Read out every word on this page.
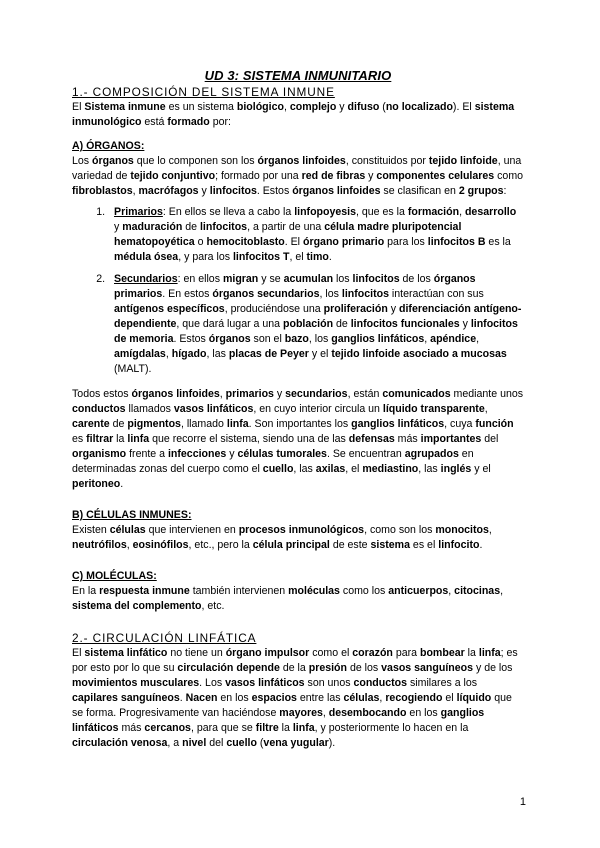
UD 3: SISTEMA INMUNITARIO

1.- COMPOSICIÓN DEL SISTEMA INMUNE

El Sistema inmune es un sistema biológico, complejo y difuso (no localizado). El sistema inmunológico está formado por:

A) ÓRGANOS:

Los órganos que lo componen son los órganos linfoides, constituidos por tejido linfoide, una variedad de tejido conjuntivo; formado por una red de fibras y componentes celulares como fibroblastos, macrófagos y linfocitos. Estos órganos linfoides se clasifican en 2 grupos:

1. Primarios: En ellos se lleva a cabo la linfopoyesis, que es la formación, desarrollo y maduración de linfocitos, a partir de una célula madre pluripotencial hematopoyética o hemocitoblasto. El órgano primario para los linfocitos B es la médula ósea, y para los linfocitos T, el timo.
2. Secundarios: en ellos migran y se acumulan los linfocitos de los órganos primarios. En estos órganos secundarios, los linfocitos interactúan con sus antígenos específicos, produciéndose una proliferación y diferenciación antígeno-dependiente, que dará lugar a una población de linfocitos funcionales y linfocitos de memoria. Estos órganos son el bazo, los ganglios linfáticos, apéndice, amígdalas, hígado, las placas de Peyer y el tejido linfoide asociado a mucosas (MALT).

Todos estos órganos linfoides, primarios y secundarios, están comunicados mediante unos conductos llamados vasos linfáticos, en cuyo interior circula un líquido transparente, carente de pigmentos, llamado linfa. Son importantes los ganglios linfáticos, cuya función es filtrar la linfa que recorre el sistema, siendo una de las defensas más importantes del organismo frente a infecciones y células tumorales. Se encuentran agrupados en determinadas zonas del cuerpo como el cuello, las axilas, el mediastino, las inglés y el peritoneo.

B) CÉLULAS INMUNES:

Existen células que intervienen en procesos inmunológicos, como son los monocitos, neutrófilos, eosinófilos, etc., pero la célula principal de este sistema es el linfocito.

C) MOLÉCULAS:

En la respuesta inmune también intervienen moléculas como los anticuerpos, citocinas, sistema del complemento, etc.

2.- CIRCULACIÓN LINFÁTICA

El sistema linfático no tiene un órgano impulsor como el corazón para bombear la linfa; es por esto por lo que su circulación depende de la presión de los vasos sanguíneos y de los movimientos musculares. Los vasos linfáticos son unos conductos similares a los capilares sanguíneos. Nacen en los espacios entre las células, recogiendo el líquido que se forma. Progresivamente van haciéndose mayores, desembocando en los ganglios linfáticos más cercanos, para que se filtre la linfa, y posteriormente lo hacen en la circulación venosa, a nivel del cuello (vena yugular).

1
